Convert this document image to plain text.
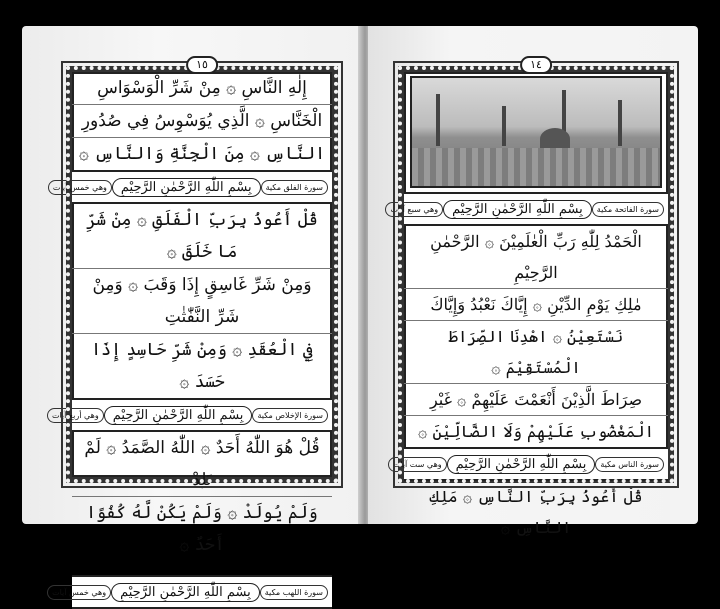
١٥

إِلٰهِ النَّاسِ ۞ مِنْ شَرِّ الْوَسْوَاسِ

الْخَنَّاسِ ۞ الَّذِي يُوَسْوِسُ فِي صُدُورِ

النَّاسِ ۞ مِنَ الْجِنَّةِ وَالنَّاسِ ۞

سورة الفلق مكية
بِسْمِ اللّٰهِ الرَّحْمٰنِ الرَّحِيْمِ
وهي خمس آيات

قُلْ أَعُوذُ بِرَبِّ الْفَلَقِ ۞ مِنْ شَرِّ مَا خَلَقَ ۞

وَمِنْ شَرِّ غَاسِقٍ إِذَا وَقَبَ ۞ وَمِنْ شَرِّ النَّفّٰثٰتِ

فِي الْعُقَدِ ۞ وَمِنْ شَرِّ حَاسِدٍ إِذَا حَسَدَ ۞

سورة الإخلاص مكية
بِسْمِ اللّٰهِ الرَّحْمٰنِ الرَّحِيْمِ
وهي أربع آيات

قُلْ هُوَ اللّٰهُ أَحَدٌ ۞ اللّٰهُ الصَّمَدُ ۞ لَمْ يَلِدْ

وَلَمْ يُولَدْ ۞ وَلَمْ يَكُنْ لَّهُ كُفُوًا أَحَدٌ ۞

سورة اللهب مكية
بِسْمِ اللّٰهِ الرَّحْمٰنِ الرَّحِيْمِ
وهي خمس آيات
١٤
سورة الفاتحة مكية
بِسْمِ اللّٰهِ الرَّحْمٰنِ الرَّحِيْمِ
وهي سبع آيات

الْحَمْدُ لِلّٰهِ رَبِّ الْعٰلَمِيْنَ ۞ الرَّحْمٰنِ الرَّحِيْمِ

مٰلِكِ يَوْمِ الدِّيْنِ ۞ إِيَّاكَ نَعْبُدُ وَإِيَّاكَ

نَسْتَعِيْنُ ۞ اهْدِنَا الصِّرَاطَ الْمُسْتَقِيْمَ ۞

صِرَاطَ الَّذِيْنَ أَنْعَمْتَ عَلَيْهِمْ ۞ غَيْرِ

الْمَغْضُوبِ عَلَيْهِمْ وَلَا الضَّالِّيْنَ ۞

سورة الناس مكية
بِسْمِ اللّٰهِ الرَّحْمٰنِ الرَّحِيْمِ
وهي ست آيات

قُلْ أَعُوذُ بِرَبِّ النَّاسِ ۞ مَلِكِ النَّاسِ ۞
